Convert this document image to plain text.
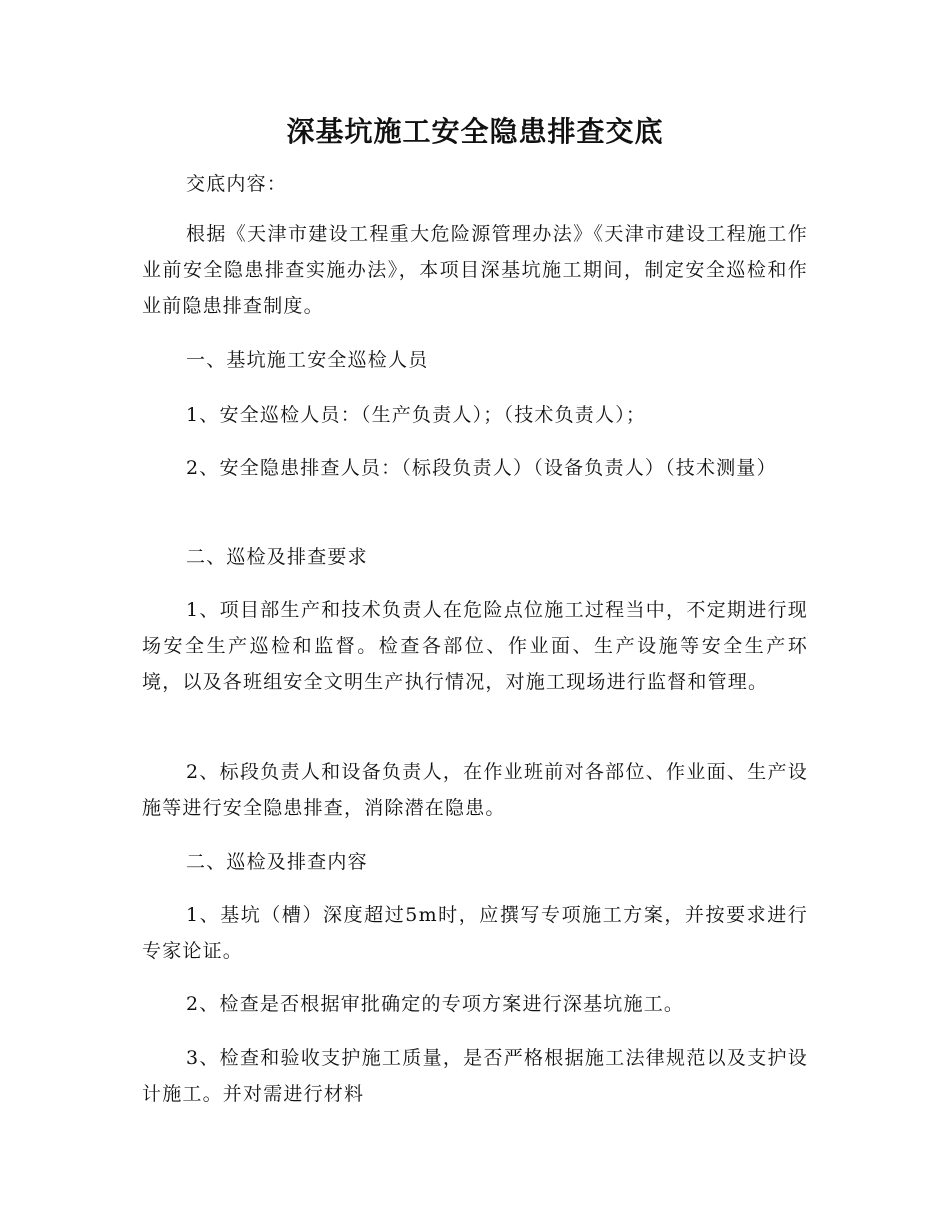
深基坑施工安全隐患排查交底

交底内容：

根据《天津市建设工程重大危险源管理办法》《天津市建设工程施工作业前安全隐患排查实施办法》，本项目深基坑施工期间，制定安全巡检和作业前隐患排查制度。

一、基坑施工安全巡检人员

1、安全巡检人员：（生产负责人）；（技术负责人）；

2、安全隐患排查人员：（标段负责人）（设备负责人）（技术测量）

二、巡检及排查要求

1、项目部生产和技术负责人在危险点位施工过程当中，不定期进行现场安全生产巡检和监督。检查各部位、作业面、生产设施等安全生产环境，以及各班组安全文明生产执行情况，对施工现场进行监督和管理。

2、标段负责人和设备负责人，在作业班前对各部位、作业面、生产设施等进行安全隐患排查，消除潜在隐患。

二、巡检及排查内容

1、基坑（槽）深度超过5m时，应撰写专项施工方案，并按要求进行专家论证。

2、检查是否根据审批确定的专项方案进行深基坑施工。

3、检查和验收支护施工质量，是否严格根据施工法律规范以及支护设计施工。并对需进行材料
